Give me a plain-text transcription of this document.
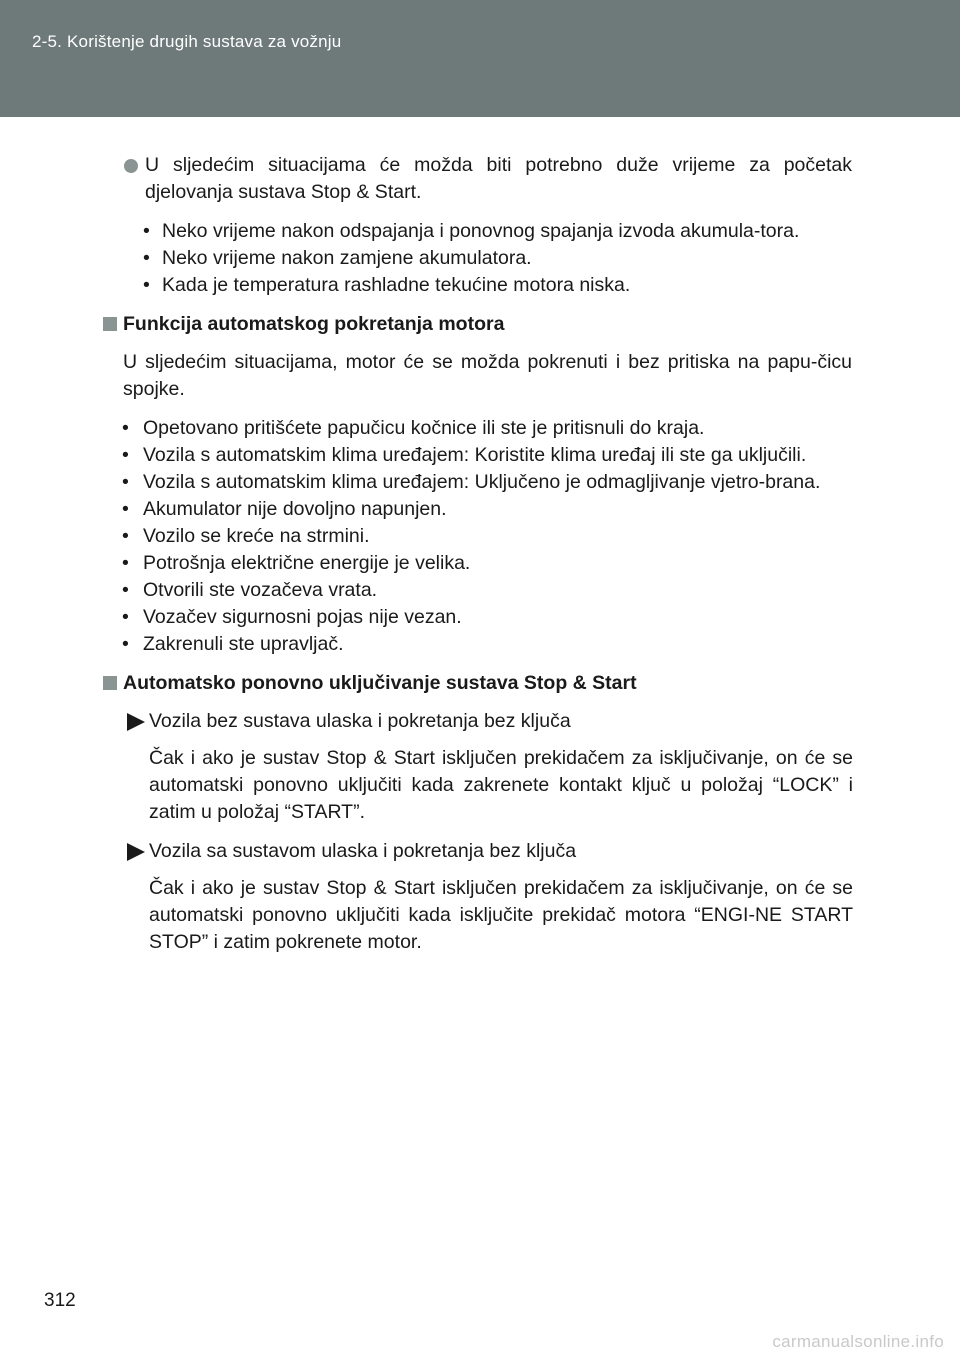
2-5. Korištenje drugih sustava za vožnju
U sljedećim situacijama će možda biti potrebno duže vrijeme za početak djelovanja sustava Stop & Start.
• Neko vrijeme nakon odspajanja i ponovnog spajanja izvoda akumula-tora.
• Neko vrijeme nakon zamjene akumulatora.
• Kada je temperatura rashladne tekućine motora niska.
Funkcija automatskog pokretanja motora
U sljedećim situacijama, motor će se možda pokrenuti i bez pritiska na papu-čicu spojke.
• Opetovano pritišćete papučicu kočnice ili ste je pritisnuli do kraja.
• Vozila s automatskim klima uređajem: Koristite klima uređaj ili ste ga uključili.
• Vozila s automatskim klima uređajem: Uključeno je odmagljivanje vjetro-brana.
• Akumulator nije dovoljno napunjen.
• Vozilo se kreće na strmini.
• Potrošnja električne energije je velika.
• Otvorili ste vozačeva vrata.
• Vozačev sigurnosni pojas nije vezan.
• Zakrenuli ste upravljač.
Automatsko ponovno uključivanje sustava Stop & Start
Vozila bez sustava ulaska i pokretanja bez ključa
Čak i ako je sustav Stop & Start isključen prekidačem za isključivanje, on će se automatski ponovno uključiti kada zakrenete kontakt ključ u položaj “LOCK” i zatim u položaj “START”.
Vozila sa sustavom ulaska i pokretanja bez ključa
Čak i ako je sustav Stop & Start isključen prekidačem za isključivanje, on će se automatski ponovno uključiti kada isključite prekidač motora “ENGI-NE START STOP” i zatim pokrenete motor.
312
carmanualsonline.info
